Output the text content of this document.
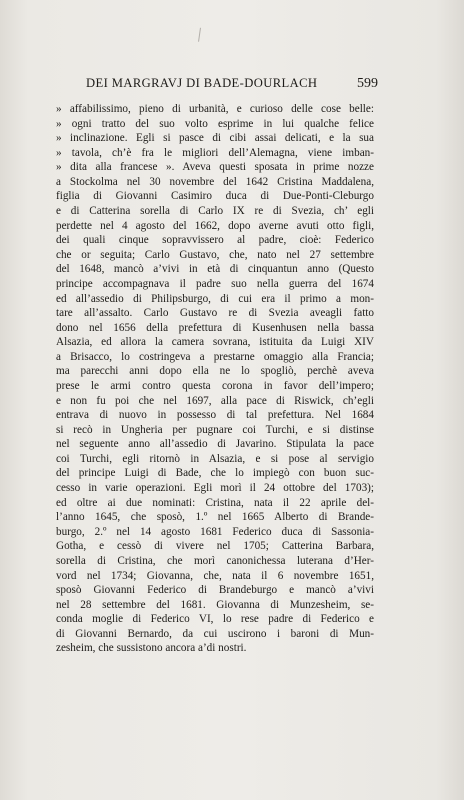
DEI MARGRAVJ DI BADE-DOURLACH	599
» affabilissimo, pieno di urbanità, e curioso delle cose belle:
» ogni tratto del suo volto esprime in lui qualche felice
» inclinazione. Egli si pasce di cibi assai delicati, e la sua
» tavola, ch’è fra le migliori dell’Alemagna, viene imban-
» dita alla francese ». Aveva questi sposata in prime nozze
a Stockolma nel 30 novembre del 1642 Cristina Maddalena,
figlia di Giovanni Casimiro duca di Due-Ponti-Cleburgo
e di Catterina sorella di Carlo IX re di Svezia, ch’ egli
perdette nel 4 agosto del 1662, dopo averne avuti otto figli,
dei quali cinque sopravvissero al padre, cioè: Federico
che or seguita; Carlo Gustavo, che, nato nel 27 settembre
del 1648, mancò a’vivi in età di cinquantun anno (Questo
principe accompagnava il padre suo nella guerra del 1674
ed all’assedio di Philipsburgo, di cui era il primo a mon-
tare all’assalto. Carlo Gustavo re di Svezia aveagli fatto
dono nel 1656 della prefettura di Kusenhusen nella bassa
Alsazia, ed allora la camera sovrana, istituita da Luigi XIV
a Brisacco, lo costringeva a prestarne omaggio alla Francia;
ma parecchi anni dopo ella ne lo spogliò, perchè aveva
prese le armi contro questa corona in favor dell’impero;
e non fu poi che nel 1697, alla pace di Riswick, ch’egli
entrava di nuovo in possesso di tal prefettura. Nel 1684
si recò in Ungheria per pugnare coi Turchi, e si distinse
nel seguente anno all’assedio di Javarino. Stipulata la pace
coi Turchi, egli ritornò in Alsazia, e si pose al servigio
del principe Luigi di Bade, che lo impiegò con buon suc-
cesso in varie operazioni. Egli morì il 24 ottobre del 1703);
ed oltre ai due nominati: Cristina, nata il 22 aprile del-
l’anno 1645, che sposò, 1.º nel 1665 Alberto di Brande-
burgo, 2.º nel 14 agosto 1681 Federico duca di Sassonia-
Gotha, e cessò di vivere nel 1705; Catterina Barbara,
sorella di Cristina, che morì canonichessa luterana d’Her-
vord nel 1734; Giovanna, che, nata il 6 novembre 1651,
sposò Giovanni Federico di Brandeburgo e mancò a’vivi
nel 28 settembre del 1681. Giovanna di Munzesheim, se-
conda moglie di Federico VI, lo rese padre di Federico e
di Giovanni Bernardo, da cui uscirono i baroni di Mun-
zesheim, che sussistono ancora a’di nostri.
